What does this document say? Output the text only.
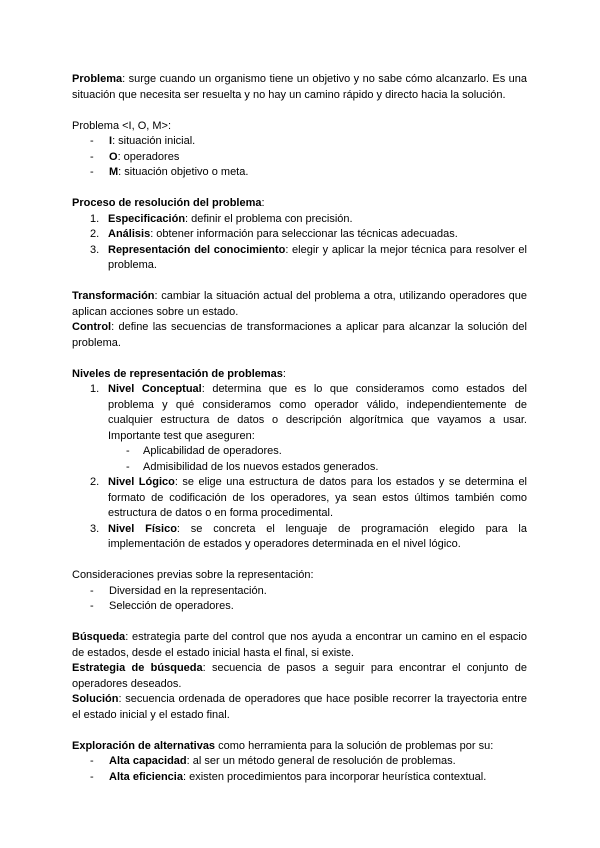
Problema: surge cuando un organismo tiene un objetivo y no sabe cómo alcanzarlo. Es una situación que necesita ser resuelta y no hay un camino rápido y directo hacia la solución.

Problema <I, O, M>:

- I: situación inicial.
- O: operadores
- M: situación objetivo o meta.

Proceso de resolución del problema:

1. Especificación: definir el problema con precisión.
2. Análisis: obtener información para seleccionar las técnicas adecuadas.
3. Representación del conocimiento: elegir y aplicar la mejor técnica para resolver el problema.

Transformación: cambiar la situación actual del problema a otra, utilizando operadores que aplican acciones sobre un estado.

Control: define las secuencias de transformaciones a aplicar para alcanzar la solución del problema.

Niveles de representación de problemas:

1. Nivel Conceptual: determina que es lo que consideramos como estados del problema y qué consideramos como operador válido, independientemente de cualquier estructura de datos o descripción algorítmica que vayamos a usar. Importante test que aseguren:
- Aplicabilidad de operadores.
- Admisibilidad de los nuevos estados generados.
2. Nivel Lógico: se elige una estructura de datos para los estados y se determina el formato de codificación de los operadores, ya sean estos últimos también como estructura de datos o en forma procedimental.
3. Nivel Físico: se concreta el lenguaje de programación elegido para la implementación de estados y operadores determinada en el nivel lógico.

Consideraciones previas sobre la representación:

- Diversidad en la representación.
- Selección de operadores.

Búsqueda: estrategia parte del control que nos ayuda a encontrar un camino en el espacio de estados, desde el estado inicial hasta el final, si existe.

Estrategia de búsqueda: secuencia de pasos a seguir para encontrar el conjunto de operadores deseados.

Solución: secuencia ordenada de operadores que hace posible recorrer la trayectoria entre el estado inicial y el estado final.

Exploración de alternativas como herramienta para la solución de problemas por su:

- Alta capacidad: al ser un método general de resolución de problemas.
- Alta eficiencia: existen procedimientos para incorporar heurística contextual.
